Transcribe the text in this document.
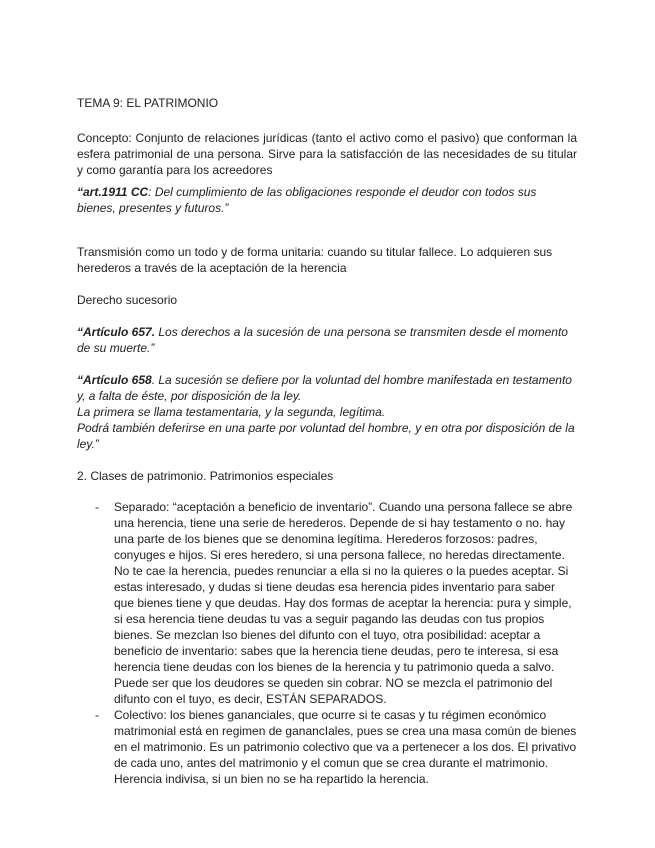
TEMA 9: EL PATRIMONIO

Concepto: Conjunto de relaciones jurídicas (tanto el activo como el pasivo) que conforman la esfera patrimonial de una persona. Sirve para la satisfacción de las necesidades de su titular y como garantía para los acreedores

“art.1911 CC: Del cumplimiento de las obligaciones responde el deudor con todos sus bienes, presentes y futuros.”

Transmisión como un todo y de forma unitaria: cuando su titular fallece. Lo adquieren sus herederos a través de la aceptación de la herencia

Derecho sucesorio

“Artículo 657. Los derechos a la sucesión de una persona se transmiten desde el momento de su muerte.”

“Artículo 658. La sucesión se defiere por la voluntad del hombre manifestada en testamento y, a falta de éste, por disposición de la ley.

La primera se llama testamentaria, y la segunda, legítima.

Podrá también deferirse en una parte por voluntad del hombre, y en otra por disposición de la ley.”

2. Clases de patrimonio. Patrimonios especiales

- Separado: “aceptación a beneficio de inventario”. Cuando una persona fallece se abre una herencia, tiene una serie de herederos. Depende de si hay testamento o no. hay una parte de los bienes que se denomina legítima. Herederos forzosos: padres, conyuges e hijos. Si eres heredero, si una persona fallece, no heredas directamente. No te cae la herencia, puedes renunciar a ella si no la quieres o la puedes aceptar. Si estas interesado, y dudas si tiene deudas esa herencia pides inventario para saber que bienes tiene y que deudas. Hay dos formas de aceptar la herencia: pura y simple, si esa herencia tiene deudas tu vas a seguir pagando las deudas con tus propios bienes. Se mezclan lso bienes del difunto con el tuyo, otra posibilidad: aceptar a beneficio de inventario: sabes que la herencia tiene deudas, pero te interesa, si esa herencia tiene deudas con los bienes de la herencia y tu patrimonio queda a salvo. Puede ser que los deudores se queden sin cobrar. NO se mezcla el patrimonio del difunto con el tuyo, es decir, ESTÁN SEPARADOS.
- Colectivo: los bienes gananciales, que ocurre si te casas y tu régimen económico matrimonial está en regimen de ganancIales, pues se crea una masa común de bienes en el matrimonio. Es un patrimonio colectivo que va a pertenecer a los dos. El privativo de cada uno, antes del matrimonio y el comun que se crea durante el matrimonio. Herencia indivisa, si un bien no se ha repartido la herencia.
